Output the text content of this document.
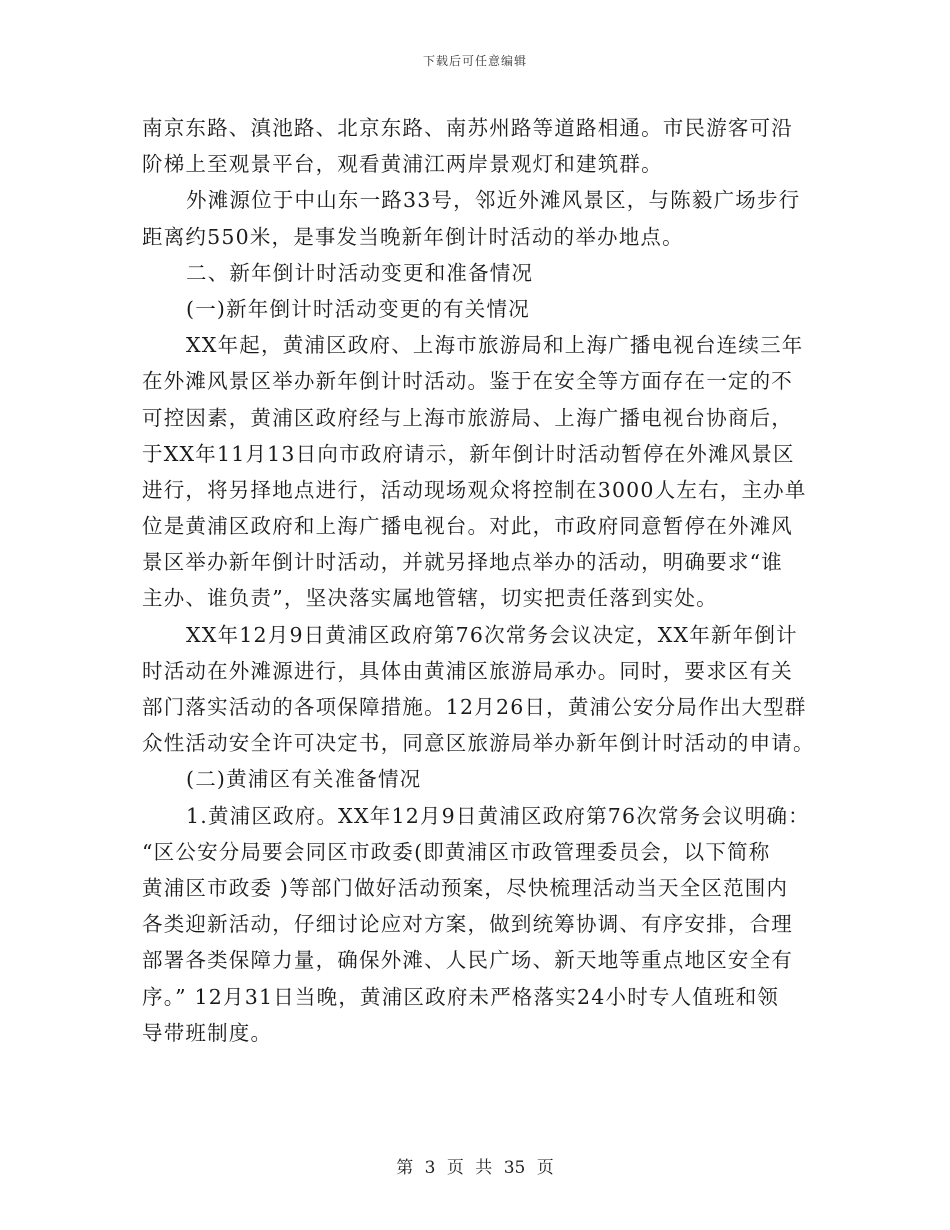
下载后可任意编辑
南京东路、滇池路、北京东路、南苏州路等道路相通。市民游客可沿
阶梯上至观景平台，观看黄浦江两岸景观灯和建筑群。
外滩源位于中山东一路33号，邻近外滩风景区，与陈毅广场步行
距离约550米，是事发当晚新年倒计时活动的举办地点。
二、新年倒计时活动变更和准备情况
(一)新年倒计时活动变更的有关情况
XX年起，黄浦区政府、上海市旅游局和上海广播电视台连续三年
在外滩风景区举办新年倒计时活动。鉴于在安全等方面存在一定的不
可控因素，黄浦区政府经与上海市旅游局、上海广播电视台协商后，
于XX年11月13日向市政府请示，新年倒计时活动暂停在外滩风景区
进行，将另择地点进行，活动现场观众将控制在3000人左右，主办单
位是黄浦区政府和上海广播电视台。对此，市政府同意暂停在外滩风
景区举办新年倒计时活动，并就另择地点举办的活动，明确要求“谁
主办、谁负责”，坚决落实属地管辖，切实把责任落到实处。
XX年12月9日黄浦区政府第76次常务会议决定，XX年新年倒计
时活动在外滩源进行，具体由黄浦区旅游局承办。同时，要求区有关
部门落实活动的各项保障措施。12月26日，黄浦公安分局作出大型群
众性活动安全许可决定书，同意区旅游局举办新年倒计时活动的申请。
(二)黄浦区有关准备情况
1.黄浦区政府。XX年12月9日黄浦区政府第76次常务会议明确：
“区公安分局要会同区市政委(即黄浦区市政管理委员会，以下简称
黄浦区市政委 )等部门做好活动预案，尽快梳理活动当天全区范围内
各类迎新活动，仔细讨论应对方案，做到统筹协调、有序安排，合理
部署各类保障力量，确保外滩、人民广场、新天地等重点地区安全有
序。” 12月31日当晚，黄浦区政府未严格落实24小时专人值班和领
导带班制度。
第 3 页 共 35 页
